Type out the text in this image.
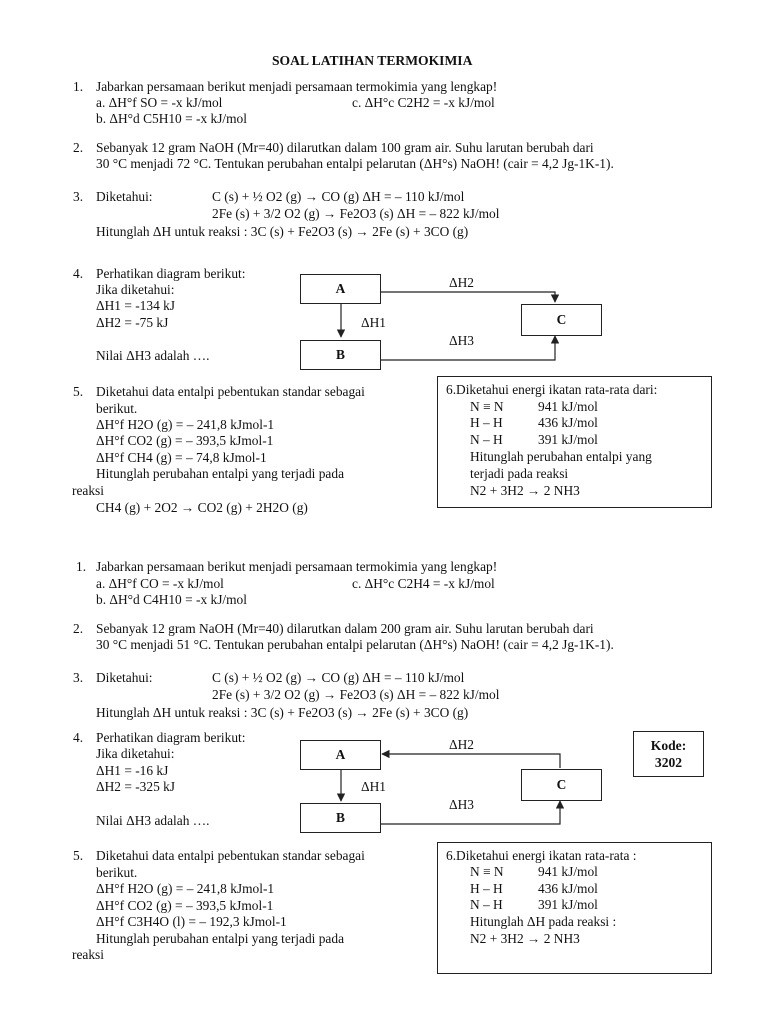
SOAL LATIHAN TERMOKIMIA
1. Jabarkan persamaan berikut menjadi persamaan termokimia yang lengkap!
a. ΔH°f SO = -x kJ/mol	c. ΔH°c C2H2 = -x kJ/mol
b. ΔH°d C5H10 = -x kJ/mol
2. Sebanyak 12 gram NaOH (Mr=40) dilarutkan dalam 100 gram air. Suhu larutan berubah dari
30 °C menjadi 72 °C. Tentukan perubahan entalpi pelarutan (ΔH°s) NaOH! (cair = 4,2 Jg-1K-1).
3. Diketahui:	C (s) + ½ O2 (g) → CO (g) ΔH = – 110 kJ/mol
2Fe (s) + 3/2 O2 (g) → Fe2O3 (s) ΔH = – 822 kJ/mol
Hitunglah ΔH untuk reaksi : 3C (s) + Fe2O3 (s) → 2Fe (s) + 3CO (g)
4. Perhatikan diagram berikut:
Jika diketahui:
ΔH1 = -134 kJ
ΔH2 = -75 kJ
Nilai ΔH3 adalah ….
A
B
C
ΔH2
ΔH1
ΔH3
5. Diketahui data entalpi pebentukan standar sebagai
berikut.
ΔH°f H2O (g) = – 241,8 kJmol-1
ΔH°f CO2 (g) = – 393,5 kJmol-1
ΔH°f CH4 (g) = – 74,8 kJmol-1
Hitunglah perubahan entalpi yang terjadi pada
reaksi
CH4 (g) + 2O2 → CO2 (g) + 2H2O (g)
6.Diketahui energi ikatan rata-rata dari:
N ≡ N	941 kJ/mol
H – H	436 kJ/mol
N – H	391 kJ/mol
Hitunglah perubahan entalpi yang
terjadi pada reaksi
N2 + 3H2 → 2 NH3
1. Jabarkan persamaan berikut menjadi persamaan termokimia yang lengkap!
a. ΔH°f CO = -x kJ/mol	c. ΔH°c C2H4 = -x kJ/mol
b. ΔH°d C4H10 = -x kJ/mol
2. Sebanyak 12 gram NaOH (Mr=40) dilarutkan dalam 200 gram air. Suhu larutan berubah dari
30 °C menjadi 51 °C. Tentukan perubahan entalpi pelarutan (ΔH°s) NaOH! (cair = 4,2 Jg-1K-1).
3. Diketahui:	C (s) + ½ O2 (g) → CO (g) ΔH = – 110 kJ/mol
2Fe (s) + 3/2 O2 (g) → Fe2O3 (s) ΔH = – 822 kJ/mol
Hitunglah ΔH untuk reaksi : 3C (s) + Fe2O3 (s) → 2Fe (s) + 3CO (g)
4. Perhatikan diagram berikut:
Jika diketahui:
ΔH1 = -16 kJ
ΔH2 = -325 kJ
Nilai ΔH3 adalah ….
A
B
C
ΔH2
ΔH1
ΔH3
Kode:
3202
5. Diketahui data entalpi pebentukan standar sebagai
berikut.
ΔH°f H2O (g) = – 241,8 kJmol-1
ΔH°f CO2 (g) = – 393,5 kJmol-1
ΔH°f C3H4O (l) = – 192,3 kJmol-1
Hitunglah perubahan entalpi yang terjadi pada
reaksi
6.Diketahui energi ikatan rata-rata :
N ≡ N	941 kJ/mol
H – H	436 kJ/mol
N – H	391 kJ/mol
Hitunglah ΔH pada reaksi :
N2 + 3H2 → 2 NH3
